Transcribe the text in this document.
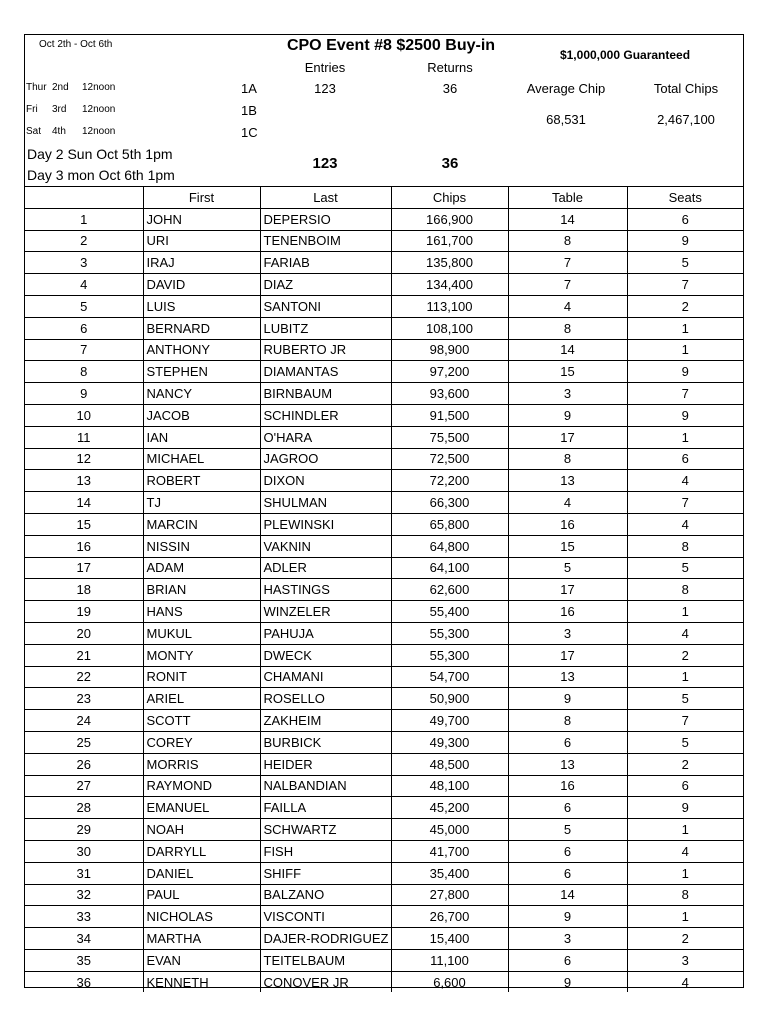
Oct 2th - Oct 6th	CPO Event #8 $2500 Buy-in
$1,000,000 Guaranteed
Entries	Returns
Thur 2nd 12noon	1A	123	36	Average Chip	Total Chips
Fri 3rd 12noon	1B
68,531	2,467,100
Sat 4th 12noon	1C
Day 2 Sun Oct 5th 1pm
Day 3 mon Oct 6th 1pm
123	36
	First	Last	Chips	Table	Seats
1	JOHN	DEPERSIO	166,900	14	6
2	URI	TENENBOIM	161,700	8	9
3	IRAJ	FARIAB	135,800	7	5
4	DAVID	DIAZ	134,400	7	7
5	LUIS	SANTONI	113,100	4	2
6	BERNARD	LUBITZ	108,100	8	1
7	ANTHONY	RUBERTO JR	98,900	14	1
8	STEPHEN	DIAMANTAS	97,200	15	9
9	NANCY	BIRNBAUM	93,600	3	7
10	JACOB	SCHINDLER	91,500	9	9
11	IAN	O'HARA	75,500	17	1
12	MICHAEL	JAGROO	72,500	8	6
13	ROBERT	DIXON	72,200	13	4
14	TJ	SHULMAN	66,300	4	7
15	MARCIN	PLEWINSKI	65,800	16	4
16	NISSIN	VAKNIN	64,800	15	8
17	ADAM	ADLER	64,100	5	5
18	BRIAN	HASTINGS	62,600	17	8
19	HANS	WINZELER	55,400	16	1
20	MUKUL	PAHUJA	55,300	3	4
21	MONTY	DWECK	55,300	17	2
22	RONIT	CHAMANI	54,700	13	1
23	ARIEL	ROSELLO	50,900	9	5
24	SCOTT	ZAKHEIM	49,700	8	7
25	COREY	BURBICK	49,300	6	5
26	MORRIS	HEIDER	48,500	13	2
27	RAYMOND	NALBANDIAN	48,100	16	6
28	EMANUEL	FAILLA	45,200	6	9
29	NOAH	SCHWARTZ	45,000	5	1
30	DARRYLL	FISH	41,700	6	4
31	DANIEL	SHIFF	35,400	6	1
32	PAUL	BALZANO	27,800	14	8
33	NICHOLAS	VISCONTI	26,700	9	1
34	MARTHA	DAJER-RODRIGUEZ	15,400	3	2
35	EVAN	TEITELBAUM	11,100	6	3
36	KENNETH	CONOVER JR	6,600	9	4
